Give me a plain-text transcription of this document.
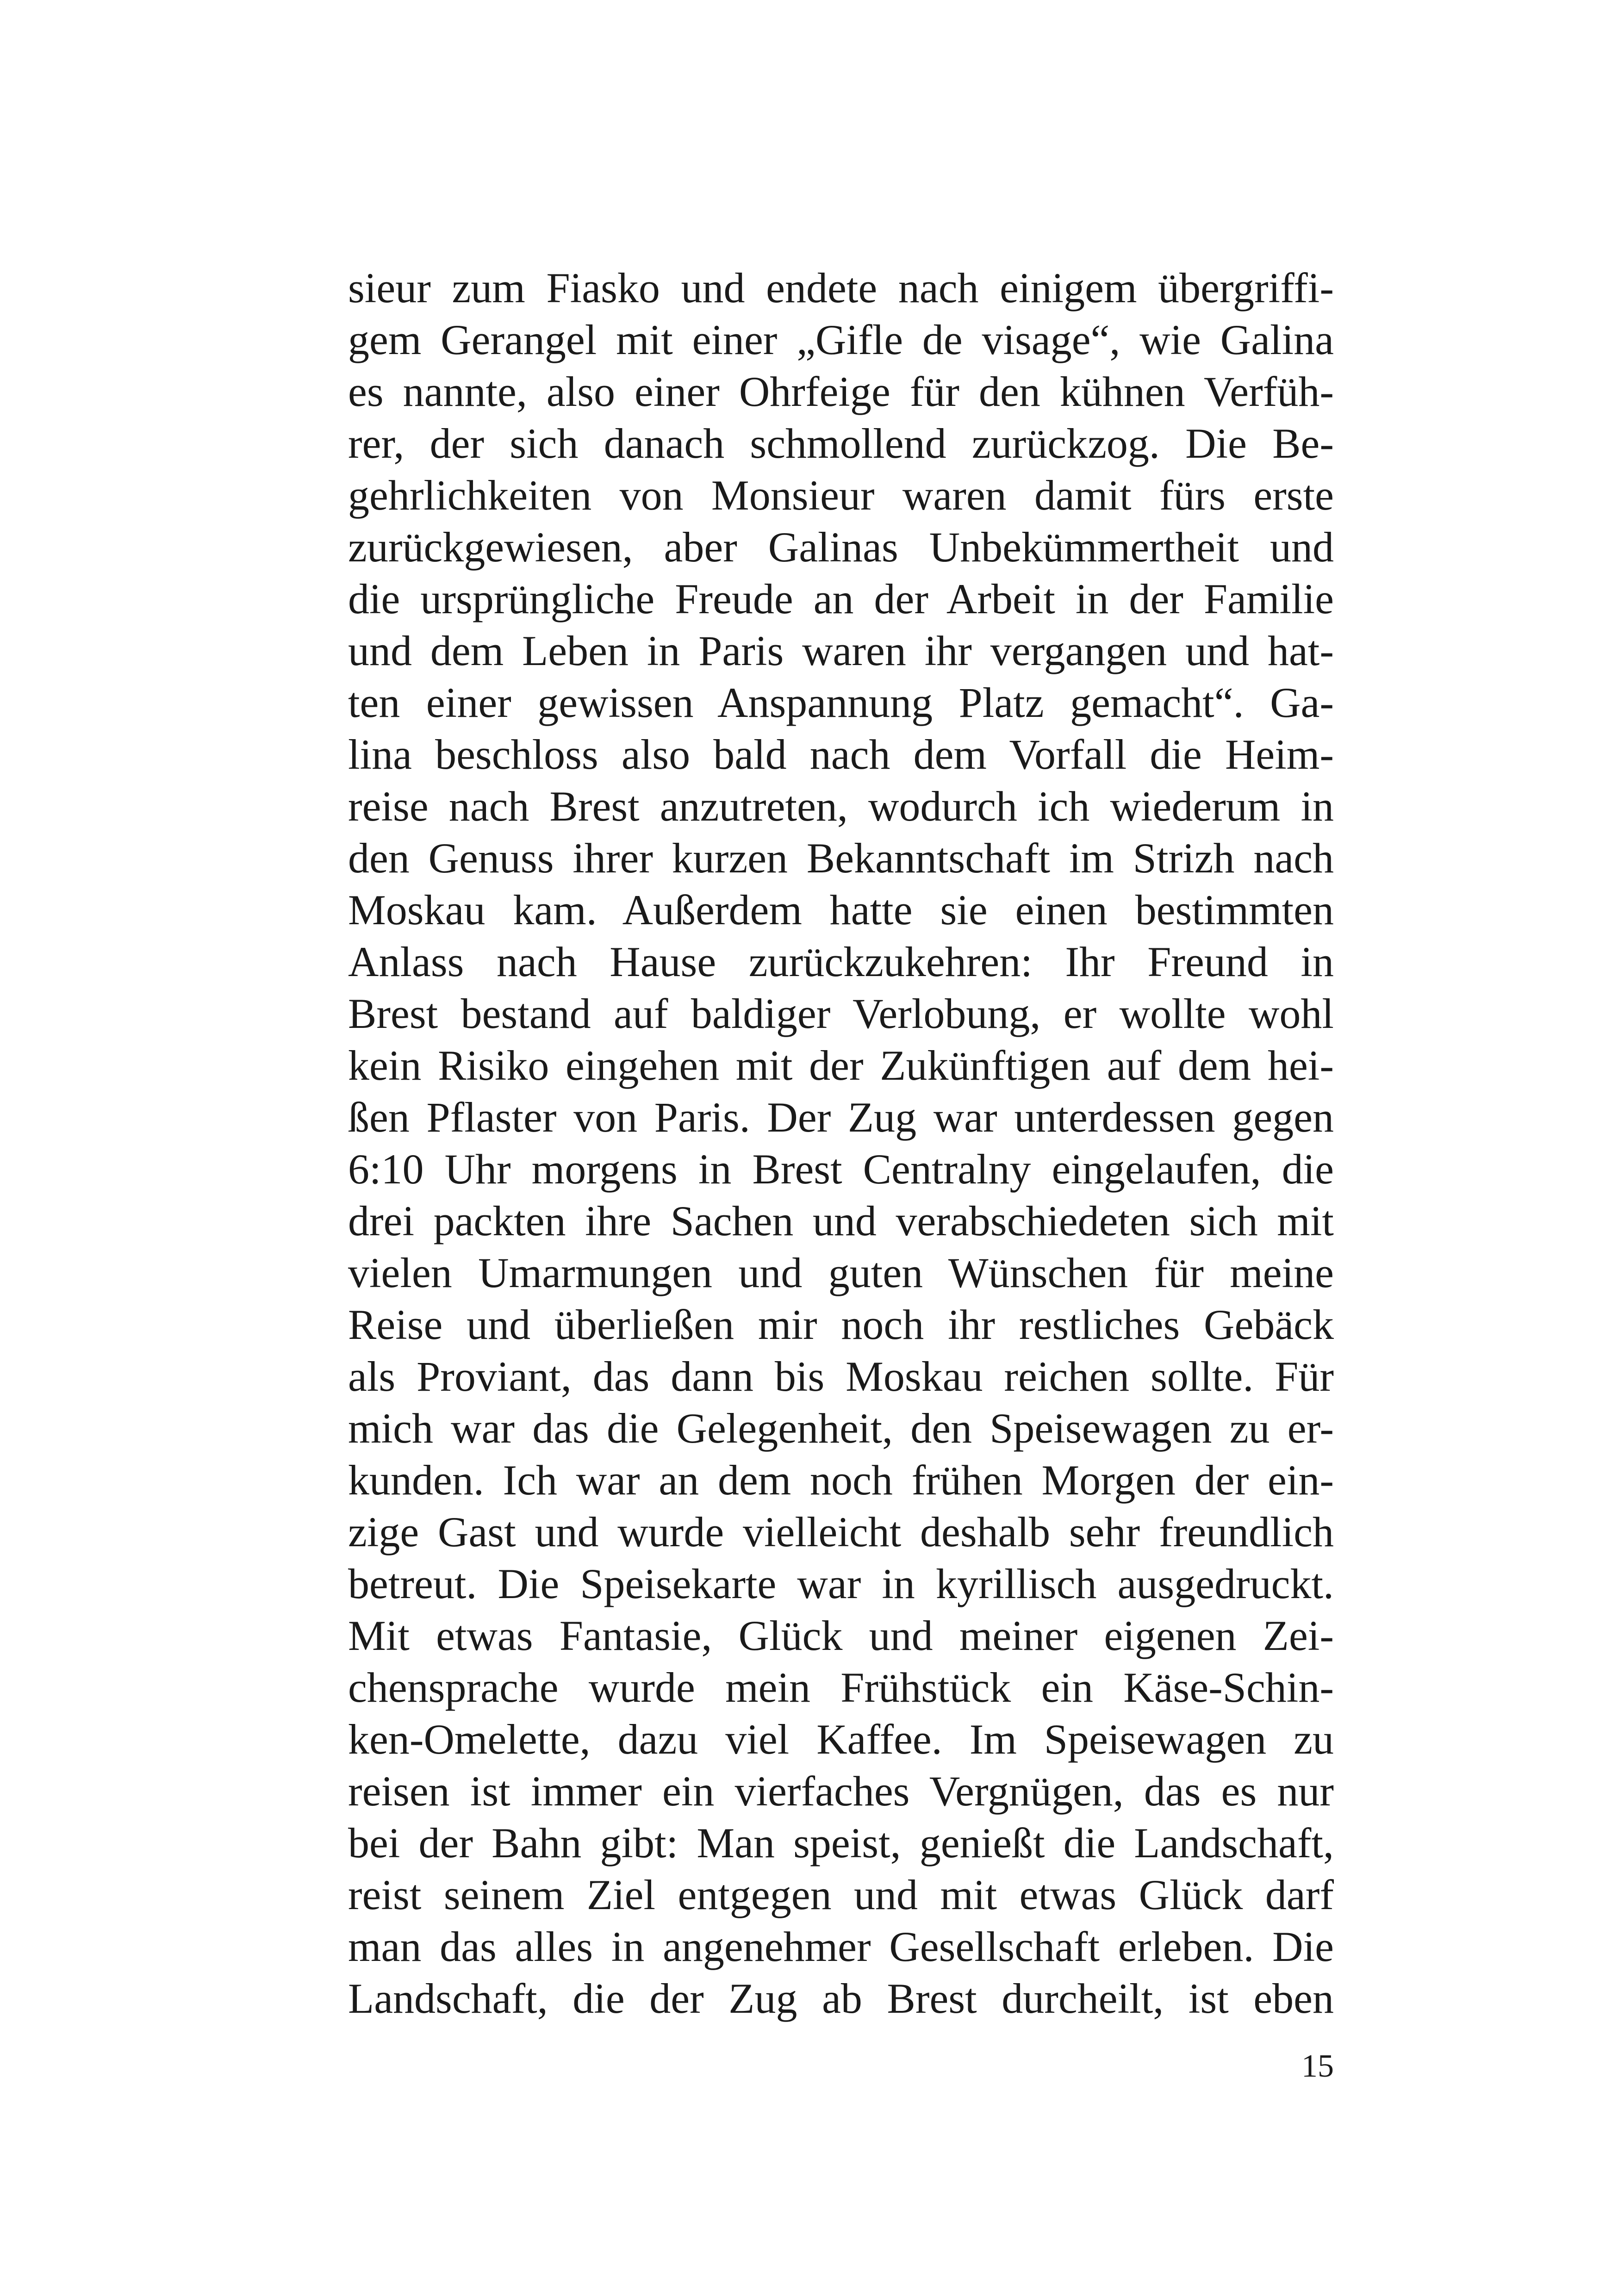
sieur zum Fiasko und endete nach einigem übergriffi-
gem Gerangel mit einer „Gifle de visage“, wie Galina
es nannte, also einer Ohrfeige für den kühnen Verfüh-
rer, der sich danach schmollend zurückzog. Die Be-
gehrlichkeiten von Monsieur waren damit fürs erste
zurückgewiesen, aber Galinas Unbekümmertheit und
die ursprüngliche Freude an der Arbeit in der Familie
und dem Leben in Paris waren ihr vergangen und hat-
ten einer gewissen Anspannung Platz gemacht“. Ga-
lina beschloss also bald nach dem Vorfall die Heim-
reise nach Brest anzutreten, wodurch ich wiederum in
den Genuss ihrer kurzen Bekanntschaft im Strizh nach
Moskau kam. Außerdem hatte sie einen bestimmten
Anlass nach Hause zurückzukehren: Ihr Freund in
Brest bestand auf baldiger Verlobung, er wollte wohl
kein Risiko eingehen mit der Zukünftigen auf dem hei-
ßen Pflaster von Paris. Der Zug war unterdessen gegen
6:10 Uhr morgens in Brest Centralny eingelaufen, die
drei packten ihre Sachen und verabschiedeten sich mit
vielen Umarmungen und guten Wünschen für meine
Reise und überließen mir noch ihr restliches Gebäck
als Proviant, das dann bis Moskau reichen sollte. Für
mich war das die Gelegenheit, den Speisewagen zu er-
kunden. Ich war an dem noch frühen Morgen der ein-
zige Gast und wurde vielleicht deshalb sehr freundlich
betreut. Die Speisekarte war in kyrillisch ausgedruckt.
Mit etwas Fantasie, Glück und meiner eigenen Zei-
chensprache wurde mein Frühstück ein Käse-Schin-
ken-Omelette, dazu viel Kaffee. Im Speisewagen zu
reisen ist immer ein vierfaches Vergnügen, das es nur
bei der Bahn gibt: Man speist, genießt die Landschaft,
reist seinem Ziel entgegen und mit etwas Glück darf
man das alles in angenehmer Gesellschaft erleben. Die
Landschaft, die der Zug ab Brest durcheilt, ist eben
15
